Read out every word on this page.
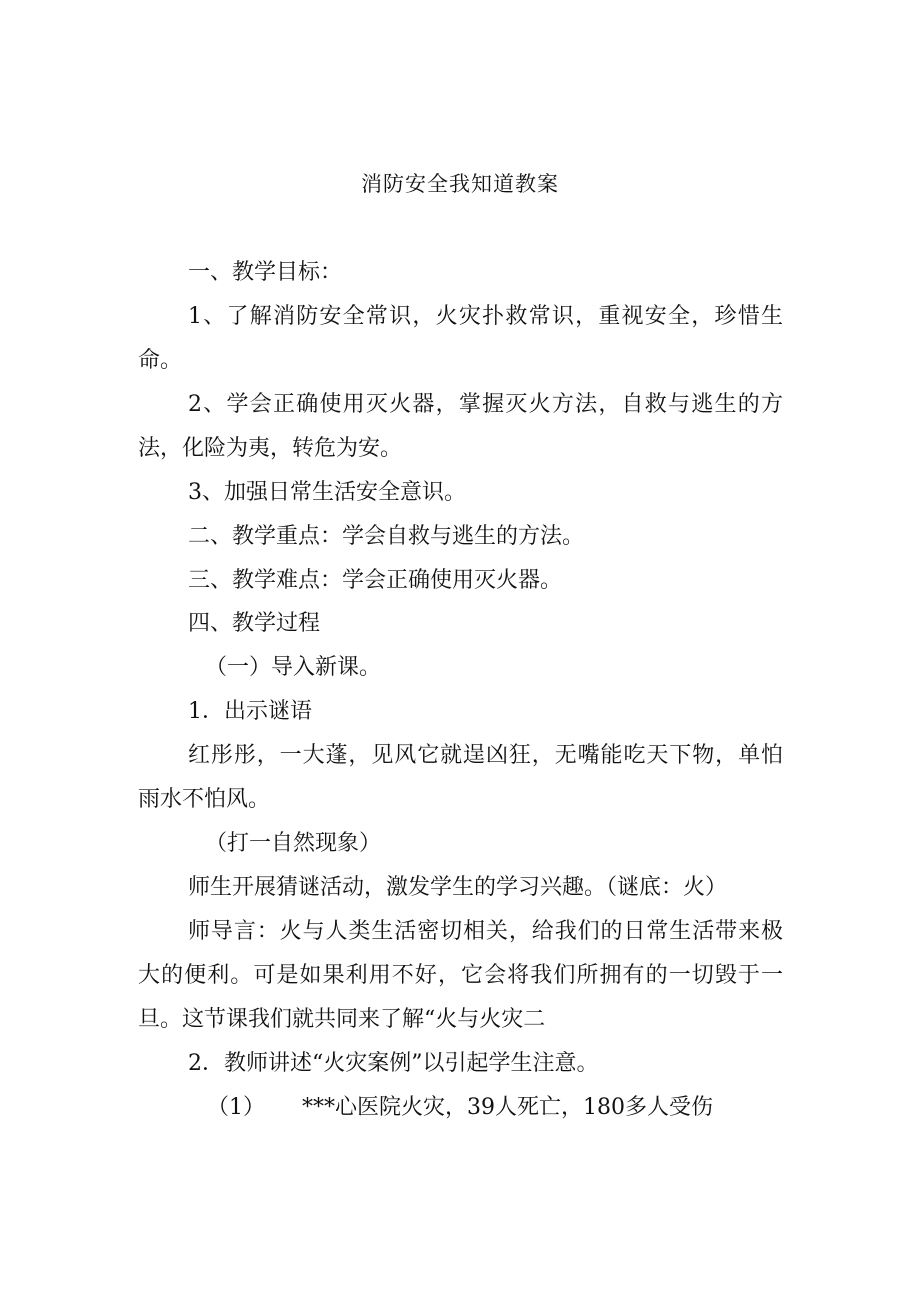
消防安全我知道教案
一、教学目标：
1、了解消防安全常识，火灾扑救常识，重视安全，珍惜生
命。
2、学会正确使用灭火器，掌握灭火方法，自救与逃生的方
法，化险为夷，转危为安。
3、加强日常生活安全意识。
二、教学重点：学会自救与逃生的方法。
三、教学难点：学会正确使用灭火器。
四、教学过程
（一）导入新课。
1．出示谜语
红彤彤，一大蓬，见风它就逞凶狂，无嘴能吃天下物，单怕
雨水不怕风。
（打一自然现象）
师生开展猜谜活动，激发学生的学习兴趣。（谜底：火）
师导言：火与人类生活密切相关，给我们的日常生活带来极
大的便利。可是如果利用不好，它会将我们所拥有的一切毁于一
旦。这节课我们就共同来了解“火与火灾二
2．教师讲述“火灾案例”以引起学生注意。
（1） ***心医院火灾，39人死亡，180多人受伤
